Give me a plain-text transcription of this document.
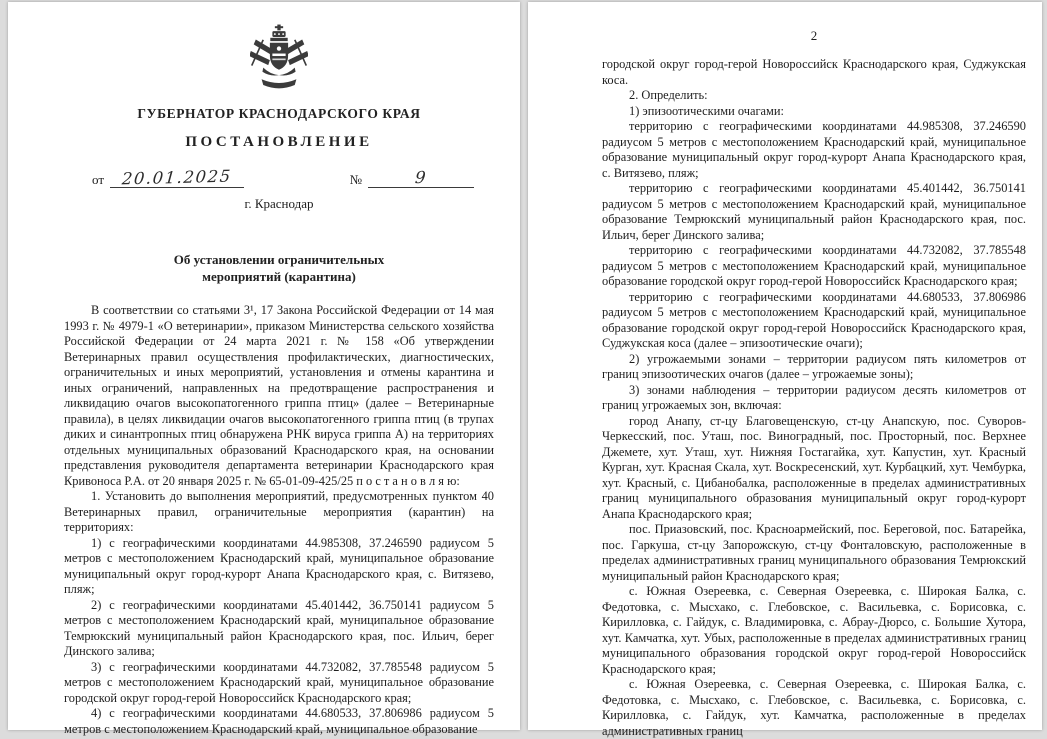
ГУБЕРНАТОР КРАСНОДАРСКОГО КРАЯ
ПОСТАНОВЛЕНИЕ
от	20.01.2025	№	9
г. Краснодар
Об установлении ограничительных
мероприятий (карантина)

В соответствии со статьями 3¹, 17 Закона Российской Федерации от 14 мая 1993 г. № 4979-1 «О ветеринарии», приказом Министерства сельского хозяйства Российской Федерации от 24 марта 2021 г. № 158 «Об утверждении Ветеринарных правил осуществления профилактических, диагностических, ограничительных и иных мероприятий, установления и отмены карантина и иных ограничений, направленных на предотвращение распространения и ликвидацию очагов высокопатогенного гриппа птиц» (далее – Ветеринарные правила), в целях ликвидации очагов высокопатогенного гриппа птиц (в трупах диких и синантропных птиц обнаружена РНК вируса гриппа А) на территориях отдельных муниципальных образований Краснодарского края, на основании представления руководителя департамента ветеринарии Краснодарского края Кривоноса Р.А. от 20 января 2025 г. № 65-01-09-425/25 п о с т а н о в л я ю:

1. Установить до выполнения мероприятий, предусмотренных пунктом 40 Ветеринарных правил, ограничительные мероприятия (карантин) на территориях:

1) с географическими координатами 44.985308, 37.246590 радиусом 5 метров с местоположением Краснодарский край, муниципальное образование муниципальный округ город-курорт Анапа Краснодарского края, с. Витязево, пляж;

2) с географическими координатами 45.401442, 36.750141 радиусом 5 метров с местоположением Краснодарский край, муниципальное образование Темрюкский муниципальный район Краснодарского края, пос. Ильич, берег Динского залива;

3) с географическими координатами 44.732082, 37.785548 радиусом 5 метров с местоположением Краснодарский край, муниципальное образование городской округ город-герой Новороссийск Краснодарского края;

4) с географическими координатами 44.680533, 37.806986 радиусом 5 метров с местоположением Краснодарский край, муниципальное образование

2

городской округ город-герой Новороссийск Краснодарского края, Суджукская коса.

2. Определить:

1) эпизоотическими очагами:

территорию с географическими координатами 44.985308, 37.246590 радиусом 5 метров с местоположением Краснодарский край, муниципальное образование муниципальный округ город-курорт Анапа Краснодарского края, с. Витязево, пляж;

территорию с географическими координатами 45.401442, 36.750141 радиусом 5 метров с местоположением Краснодарский край, муниципальное образование Темрюкский муниципальный район Краснодарского края, пос. Ильич, берег Динского залива;

территорию с географическими координатами 44.732082, 37.785548 радиусом 5 метров с местоположением Краснодарский край, муниципальное образование городской округ город-герой Новороссийск Краснодарского края;

территорию с географическими координатами 44.680533, 37.806986 радиусом 5 метров с местоположением Краснодарский край, муниципальное образование городской округ город-герой Новороссийск Краснодарского края, Суджукская коса (далее – эпизоотические очаги);

2) угрожаемыми зонами – территории радиусом пять километров от границ эпизоотических очагов (далее – угрожаемые зоны);

3) зонами наблюдения – территории радиусом десять километров от границ угрожаемых зон, включая:

город Анапу, ст-цу Благовещенскую, ст-цу Анапскую, пос. Суворов-Черкесский, пос. Уташ, пос. Виноградный, пос. Просторный, пос. Верхнее Джемете, хут. Уташ, хут. Нижняя Гостагайка, хут. Капустин, хут. Красный Курган, хут. Красная Скала, хут. Воскресенский, хут. Курбацкий, хут. Чембурка, хут. Красный, с. Цибанобалка, расположенные в пределах административных границ муниципального образования муниципальный округ город-курорт Анапа Краснодарского края;

пос. Приазовский, пос. Красноармейский, пос. Береговой, пос. Батарейка, пос. Гаркуша, ст-цу Запорожскую, ст-цу Фонталовскую, расположенные в пределах административных границ муниципального образования Темрюкский муниципальный район Краснодарского края;

с. Южная Озереевка, с. Северная Озереевка, с. Широкая Балка, с. Федотовка, с. Мысхако, с. Глебовское, с. Васильевка, с. Борисовка, с. Кирилловка, с. Гайдук, с. Владимировка, с. Абрау-Дюрсо, с. Большие Хутора, хут. Камчатка, хут. Убых, расположенные в пределах административных границ муниципального образования городской округ город-герой Новороссийск Краснодарского края;

с. Южная Озереевка, с. Северная Озереевка, с. Широкая Балка, с. Федотовка, с. Мысхако, с. Глебовское, с. Васильевка, с. Борисовка, с. Кирилловка, с. Гайдук, хут. Камчатка, расположенные в пределах административных границ
